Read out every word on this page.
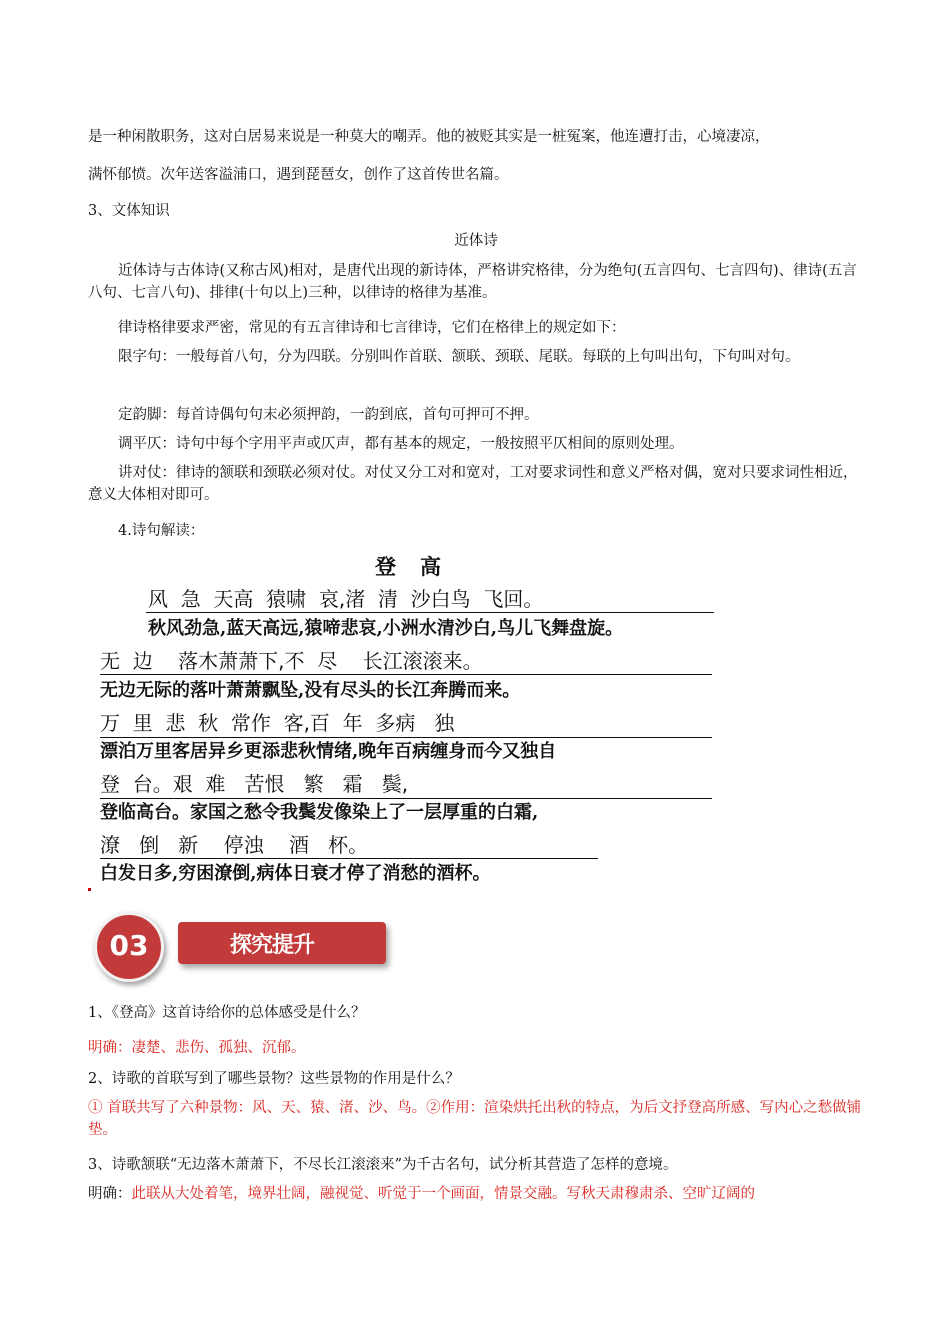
是一种闲散职务，这对白居易来说是一种莫大的嘲弄。他的被贬其实是一桩冤案，他连遭打击，心境凄凉，

满怀郁愤。次年送客溢浦口，遇到琵琶女，创作了这首传世名篇。

3、文体知识

近体诗

近体诗与古体诗(又称古风)相对，是唐代出现的新诗体，严格讲究格律，分为绝句(五言四句、七言四句)、律诗(五言八句、七言八句)、排律(十句以上)三种，以律诗的格律为基准。

律诗格律要求严密，常见的有五言律诗和七言律诗，它们在格律上的规定如下：

限字句：一般每首八句，分为四联。分别叫作首联、颔联、颈联、尾联。每联的上句叫出句，下句叫对句。

定韵脚：每首诗偶句句末必须押韵，一韵到底，首句可押可不押。

调平仄：诗句中每个字用平声或仄声，都有基本的规定，一般按照平仄相间的原则处理。

讲对仗：律诗的颔联和颈联必须对仗。对仗又分工对和宽对，工对要求词性和意义严格对偶，宽对只要求词性相近，意义大体相对即可。

4.诗句解读：

登高
风  急  天高  猿啸  哀,渚  清  沙白鸟  飞回。
秋风劲急,蓝天高远,猿啼悲哀,小洲水清沙白,鸟儿飞舞盘旋。
无  边    落木萧萧下,不  尽    长江滚滚来。
无边无际的落叶萧萧飘坠,没有尽头的长江奔腾而来。
万  里  悲  秋  常作  客,百  年  多病   独
漂泊万里客居异乡更添悲秋情绪,晚年百病缠身而今又独自
登  台。艰  难   苦恨   繁   霜   鬓,
登临高台。家国之愁令我鬓发像染上了一层厚重的白霜,
潦   倒   新    停浊    酒   杯。
白发日多,穷困潦倒,病体日衰才停了消愁的酒杯。
探究提升
03

1、《登高》这首诗给你的总体感受是什么？

明确：凄楚、悲伤、孤独、沉郁。

2、诗歌的首联写到了哪些景物？这些景物的作用是什么？

① 首联共写了六种景物：风、天、猿、渚、沙、鸟。②作用：渲染烘托出秋的特点，为后文抒登高所感、写内心之愁做铺垫。

3、诗歌颔联“无边落木萧萧下，不尽长江滚滚来”为千古名句，试分析其营造了怎样的意境。

明确：此联从大处着笔，境界壮阔，融视觉、听觉于一个画面，情景交融。写秋天肃穆肃杀、空旷辽阔的
